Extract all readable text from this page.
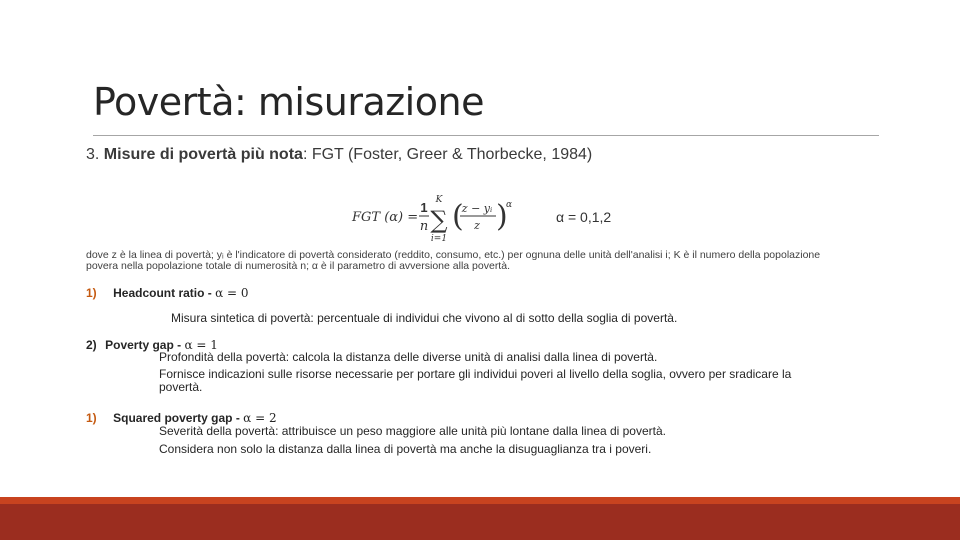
Povertà: misurazione
3. Misure di povertà più nota: FGT (Foster, Greer & Thorbecke, 1984)
FGT (α) =
1
n
K
∑
i=1
(
z − yᵢ
z )
α
α = 0,1,2

dove z è la linea di povertà; yᵢ è l'indicatore di povertà considerato (reddito, consumo, etc.) per ognuna delle unità dell'analisi i; K è il numero della popolazione

povera nella popolazione totale di numerosità n; α è il parametro di avversione alla povertà.

1) Headcount ratio - α = 0

Misura sintetica di povertà: percentuale di individui che vivono al di sotto della soglia di povertà.

2) Poverty gap - α = 1

Profondità della povertà: calcola la distanza delle diverse unità di analisi dalla linea di povertà.

Fornisce indicazioni sulle risorse necessarie per portare gli individui poveri al livello della soglia, ovvero per sradicare la

povertà.

1) Squared poverty gap - α = 2

Severità della povertà: attribuisce un peso maggiore alle unità più lontane dalla linea di povertà.

Considera non solo la distanza dalla linea di povertà ma anche la disuguaglianza tra i poveri.
